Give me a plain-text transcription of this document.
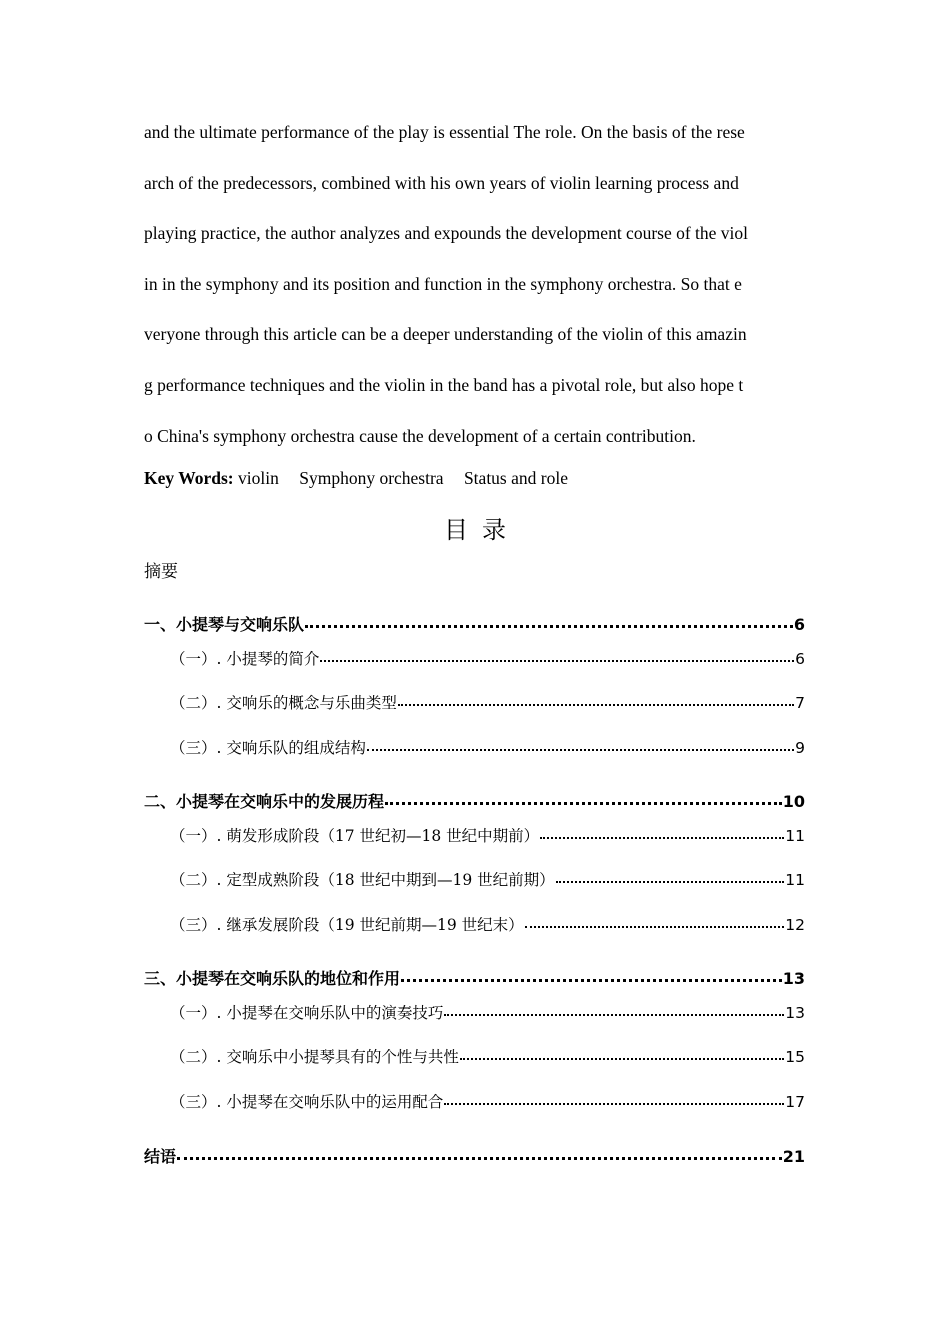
and the ultimate performance of the play is essential The role. On the basis of the rese
arch of the predecessors, combined with his own years of violin learning process and
playing practice, the author analyzes and expounds the development course of the viol
in in the symphony and its position and function in the symphony orchestra. So that e
veryone through this article can be a deeper understanding of the violin of this amazin
g performance techniques and the violin in the band has a pivotal role, but also hope t
o China's symphony orchestra cause the development of a certain contribution.
Key Words: violin Symphony orchestra Status and role
目录
摘要
一、小提琴与交响乐队	6
（一）. 小提琴的简介	6
（二）. 交响乐的概念与乐曲类型	7
（三）. 交响乐队的组成结构	9
二、小提琴在交响乐中的发展历程	10
（一）. 萌发形成阶段（17 世纪初—18 世纪中期前）	11
（二）. 定型成熟阶段（18 世纪中期到—19 世纪前期）	11
（三）. 继承发展阶段（19 世纪前期—19 世纪末）	12
三、小提琴在交响乐队的地位和作用	13
（一）. 小提琴在交响乐队中的演奏技巧	13
（二）. 交响乐中小提琴具有的个性与共性	15
（三）. 小提琴在交响乐队中的运用配合	17
结语	21
